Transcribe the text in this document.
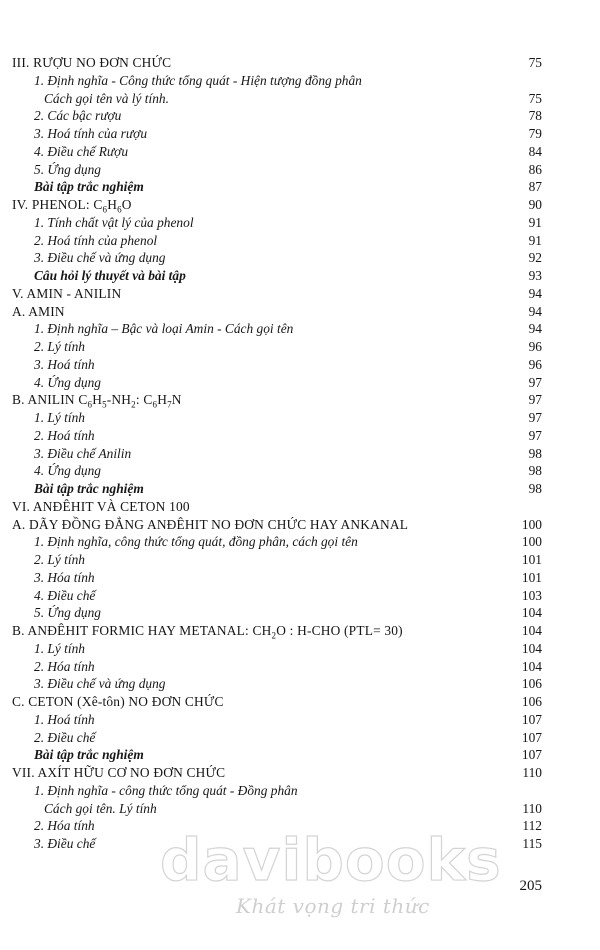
III. RƯỢU NO ĐƠN CHỨC	75
1. Định nghĩa - Công thức tổng quát - Hiện tượng đồng phân
Cách gọi tên và lý tính.	75
2. Các bậc rượu	78
3. Hoá tính của rượu	79
4. Điều chế Rượu	84
5. Ứng dụng	86
Bài tập trắc nghiệm	87
IV. PHENOL: $C_6H_6O$	90
1. Tính chất vật lý của phenol	91
2. Hoá tính của phenol	91
3. Điều chế và ứng dụng	92
Câu hỏi lý thuyết và bài tập	93
V. AMIN - ANILIN	94
A. AMIN	94
1. Định nghĩa – Bậc và loại Amin - Cách gọi tên	94
2. Lý tính	96
3. Hoá tính	96
4. Ứng dụng	97
B. ANILIN $C_6H_5-NH_2$: $C_6H_7N$	97
1. Lý tính	97
2. Hoá tính	97
3. Điều chế Anilin	98
4. Ứng dụng	98
Bài tập trắc nghiệm	98
VI. ANĐÊHIT VÀ CETON 100
A. DÃY ĐỒNG ĐẲNG ANĐÊHIT NO ĐƠN CHỨC HAY ANKANAL	100
1. Định nghĩa, công thức tổng quát, đồng phân, cách gọi tên	100
2. Lý tính	101
3. Hóa tính	101
4. Điều chế	103
5. Ứng dụng	104
B. ANĐÊHIT FORMIC HAY METANAL: $CH_2O$ : H-CHO (PTL= 30)	104
1. Lý tính	104
2. Hóa tính	104
3. Điều chế và ứng dụng	106
C. CETON (Xê-tôn) NO ĐƠN CHỨC	106
1. Hoá tính	107
2. Điều chế	107
Bài tập trắc nghiệm	107
VII. AXÍT HỮU CƠ NO ĐƠN CHỨC	110
1. Định nghĩa - công thức tổng quát - Đồng phân
Cách gọi tên. Lý tính	110
2. Hóa tính	112
3. Điều chế	115
205
davibooks
Khát vọng tri thức
